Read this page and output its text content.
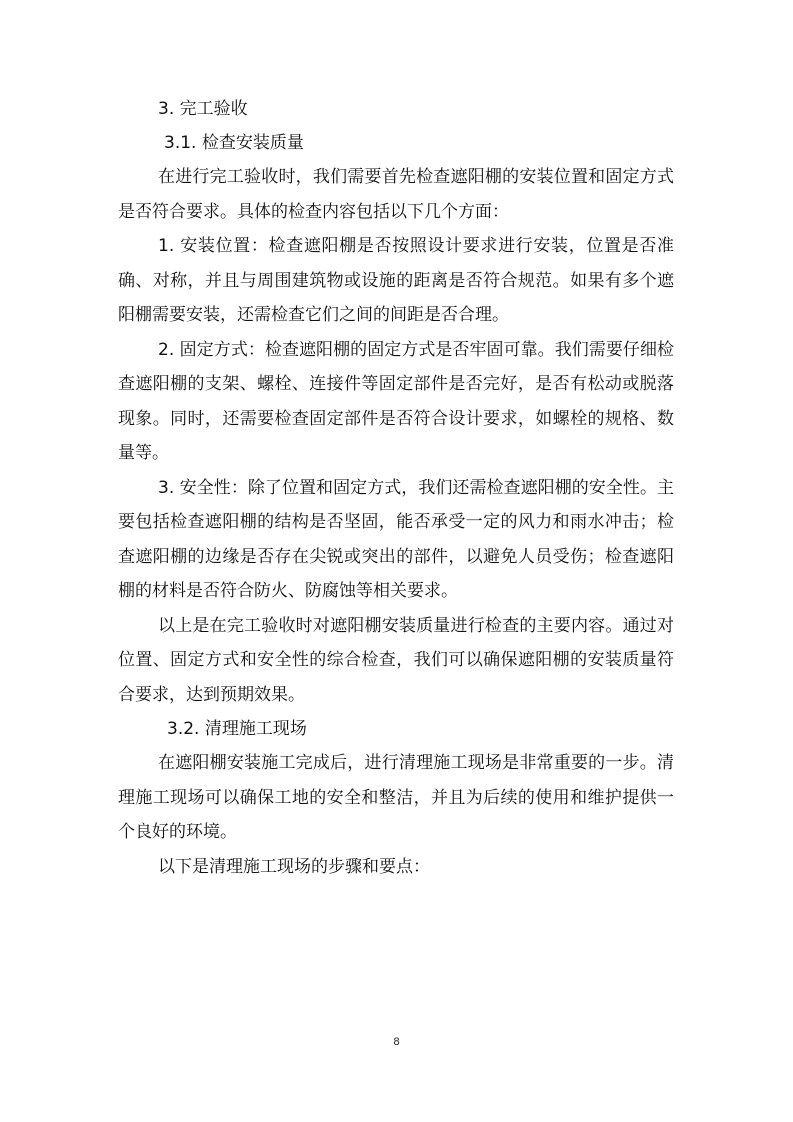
3. 完工验收
3.1. 检查安装质量

在进行完工验收时，我们需要首先检查遮阳棚的安装位置和固定方式是否符合要求。具体的检查内容包括以下几个方面：

1. 安装位置：检查遮阳棚是否按照设计要求进行安装，位置是否准确、对称，并且与周围建筑物或设施的距离是否符合规范。如果有多个遮阳棚需要安装，还需检查它们之间的间距是否合理。

2. 固定方式：检查遮阳棚的固定方式是否牢固可靠。我们需要仔细检查遮阳棚的支架、螺栓、连接件等固定部件是否完好，是否有松动或脱落现象。同时，还需要检查固定部件是否符合设计要求，如螺栓的规格、数量等。

3. 安全性：除了位置和固定方式，我们还需检查遮阳棚的安全性。主要包括检查遮阳棚的结构是否坚固，能否承受一定的风力和雨水冲击；检查遮阳棚的边缘是否存在尖锐或突出的部件，以避免人员受伤；检查遮阳棚的材料是否符合防火、防腐蚀等相关要求。

以上是在完工验收时对遮阳棚安装质量进行检查的主要内容。通过对位置、固定方式和安全性的综合检查，我们可以确保遮阳棚的安装质量符合要求，达到预期效果。

3.2. 清理施工现场

在遮阳棚安装施工完成后，进行清理施工现场是非常重要的一步。清理施工现场可以确保工地的安全和整洁，并且为后续的使用和维护提供一个良好的环境。

以下是清理施工现场的步骤和要点：

8
